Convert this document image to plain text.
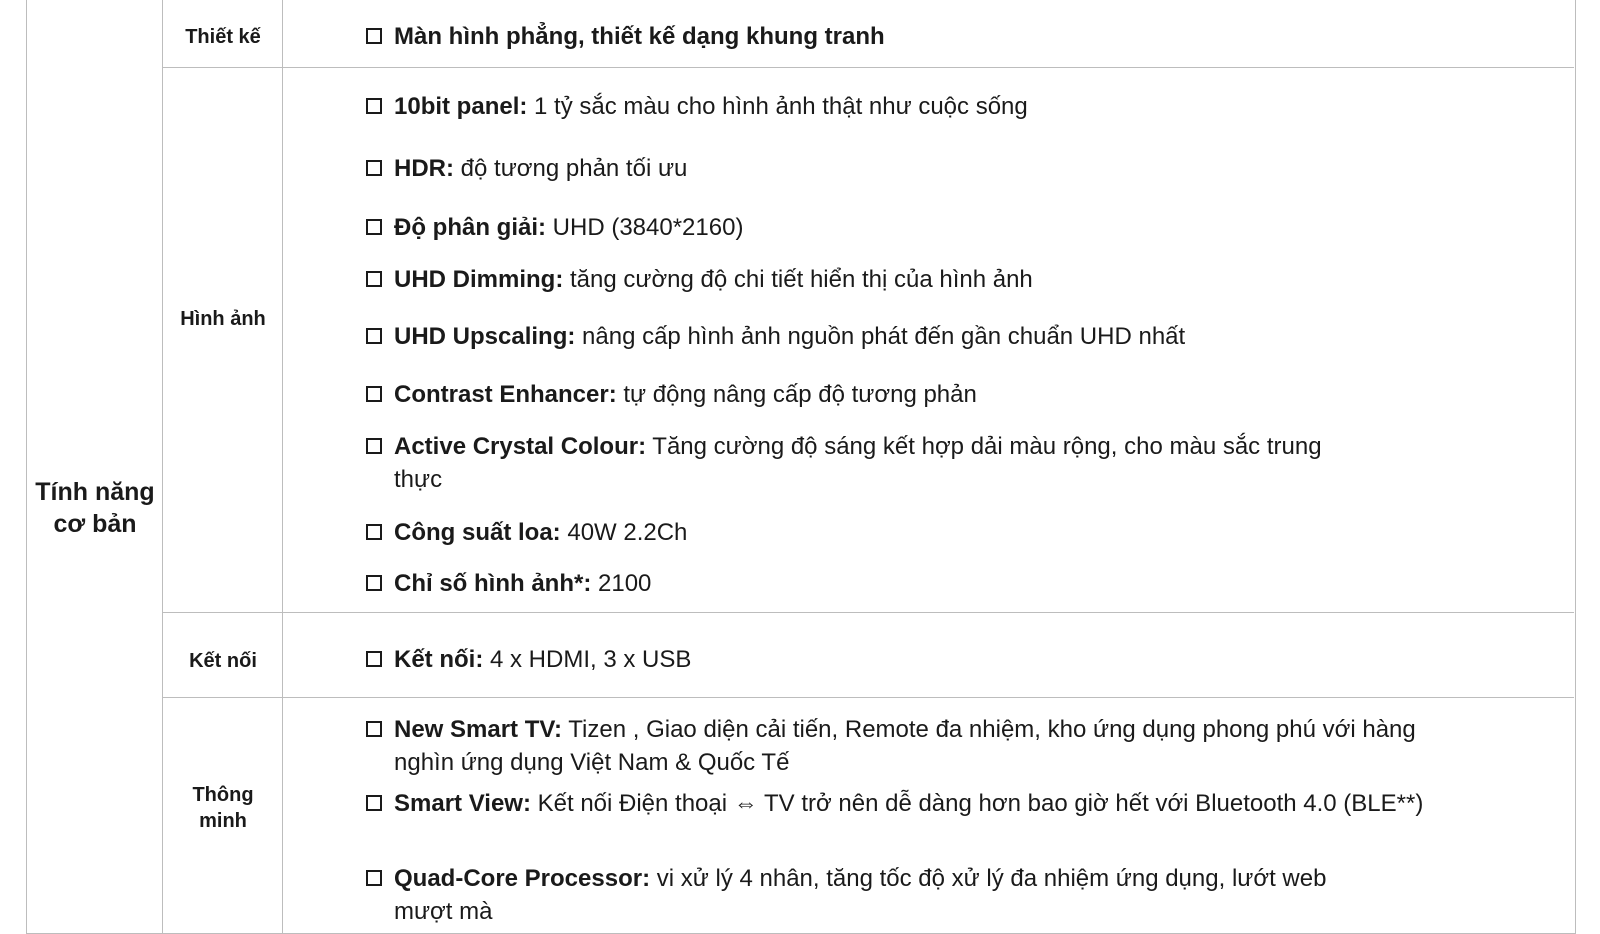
Tính năng cơ bản
Thiết kế	Màn hình phẳng, thiết kế dạng khung tranh
Hình ảnh
10bit panel: 1 tỷ sắc màu cho hình ảnh thật như cuộc sống
HDR: độ tương phản tối ưu
Độ phân giải: UHD (3840*2160)
UHD Dimming: tăng cường độ chi tiết hiển thị của hình ảnh
UHD Upscaling: nâng cấp hình ảnh nguồn phát đến gần chuẩn UHD nhất
Contrast Enhancer: tự động nâng cấp độ tương phản
Active Crystal Colour: Tăng cường độ sáng kết hợp dải màu rộng, cho màu sắc trung thực
Công suất loa: 40W 2.2Ch
Chỉ số hình ảnh*: 2100
Kết nối	Kết nối: 4 x HDMI, 3 x USB
Thông minh
New Smart TV: Tizen , Giao diện cải tiến, Remote đa nhiệm, kho ứng dụng phong phú với hàng nghìn ứng dụng Việt Nam & Quốc Tế
Smart View: Kết nối Điện thoại ⇔ TV trở nên dễ dàng hơn bao giờ hết với Bluetooth 4.0 (BLE**)
Quad-Core Processor: vi xử lý 4 nhân, tăng tốc độ xử lý đa nhiệm ứng dụng, lướt web mượt mà
